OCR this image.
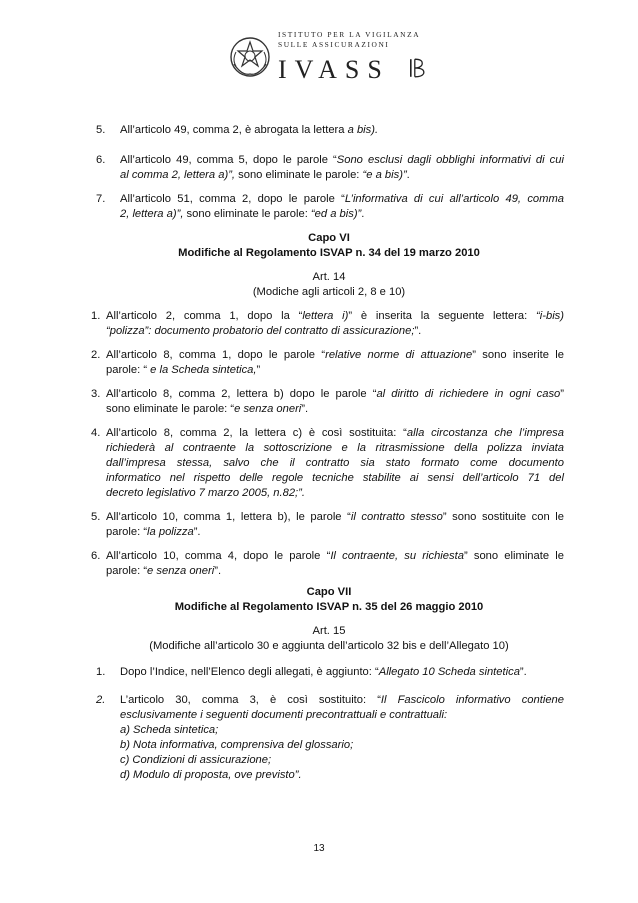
ISTITUTO PER LA VIGILANZA
SULLE ASSICURAZIONI
IVASS
5. All’articolo 49, comma 2, è abrogata la lettera a bis).
6. All’articolo 49, comma 5, dopo le parole “Sono esclusi dagli obblighi informativi di cui
al comma 2, lettera a)”, sono eliminate le parole: “e a bis)”.
7. All’articolo 51, comma 2, dopo le parole “L’informativa di cui all’articolo 49, comma
2, lettera a)”, sono eliminate le parole: “ed a bis)”.
Capo VI
Modifiche al Regolamento ISVAP n. 34 del 19 marzo 2010
Art. 14
(Modiche agli articoli 2, 8 e 10)
1. All’articolo 2, comma 1, dopo la “lettera i)” è inserita la seguente lettera: “i-bis)
“polizza”: documento probatorio del contratto di assicurazione;”.
2. All’articolo 8, comma 1, dopo le parole “relative norme di attuazione” sono inserite le
parole: “ e la Scheda sintetica,”
3. All’articolo 8, comma 2, lettera b) dopo le parole “al diritto di richiedere in ogni caso”
sono eliminate le parole: “e senza oneri”.
4. All’articolo 8, comma 2, la lettera c) è così sostituita: “alla circostanza che l’impresa
richiederà al contraente la sottoscrizione e la ritrasmissione della polizza inviata
dall’impresa stessa, salvo che il contratto sia stato formato come documento
informatico nel rispetto delle regole tecniche stabilite ai sensi dell’articolo 71 del
decreto legislativo 7 marzo 2005, n.82;”.
5. All’articolo 10, comma 1, lettera b), le parole “il contratto stesso” sono sostituite con le
parole: “la polizza”.
6. All’articolo 10, comma 4, dopo le parole “Il contraente, su richiesta” sono eliminate le
parole: “e senza oneri”.
Capo VII
Modifiche al Regolamento ISVAP n. 35 del 26 maggio 2010
Art. 15
(Modifiche all’articolo 30 e aggiunta dell’articolo 32 bis e dell’Allegato 10)
1. Dopo l’Indice, nell’Elenco degli allegati, è aggiunto: “Allegato 10 Scheda sintetica”.
2. L’articolo 30, comma 3, è così sostituito: “Il Fascicolo informativo contiene
esclusivamente i seguenti documenti precontrattuali e contrattuali:
a) Scheda sintetica;
b) Nota informativa, comprensiva del glossario;
c) Condizioni di assicurazione;
d) Modulo di proposta, ove previsto”.
13
